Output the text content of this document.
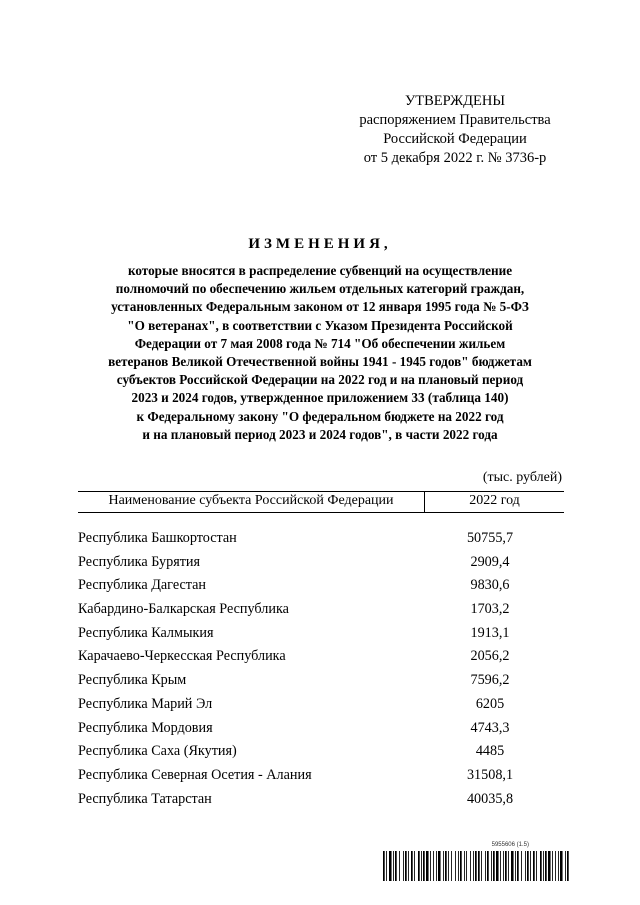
УТВЕРЖДЕНЫ
распоряжением Правительства
Российской Федерации
от 5 декабря 2022 г. № 3736-р
ИЗМЕНЕНИЯ,
которые вносятся в распределение субвенций на осуществление
полномочий по обеспечению жильем отдельных категорий граждан,
установленных Федеральным законом от 12 января 1995 года № 5-ФЗ
"О ветеранах", в соответствии с Указом Президента Российской
Федерации от 7 мая 2008 года № 714 "Об обеспечении жильем
ветеранов Великой Отечественной войны 1941 - 1945 годов" бюджетам
субъектов Российской Федерации на 2022 год и на плановый период
2023 и 2024 годов, утвержденное приложением 33 (таблица 140)
к Федеральному закону "О федеральном бюджете на 2022 год
и на плановый период 2023 и 2024 годов", в части 2022 года
(тыс. рублей)
Наименование субъекта Российской Федерации	2022 год
Республика Башкортостан	50755,7
Республика Бурятия	2909,4
Республика Дагестан	9830,6
Кабардино-Балкарская Республика	1703,2
Республика Калмыкия	1913,1
Карачаево-Черкесская Республика	2056,2
Республика Крым	7596,2
Республика Марий Эл	6205
Республика Мордовия	4743,3
Республика Саха (Якутия)	4485
Республика Северная Осетия - Алания	31508,1
Республика Татарстан	40035,8
5955606 (1.5)
